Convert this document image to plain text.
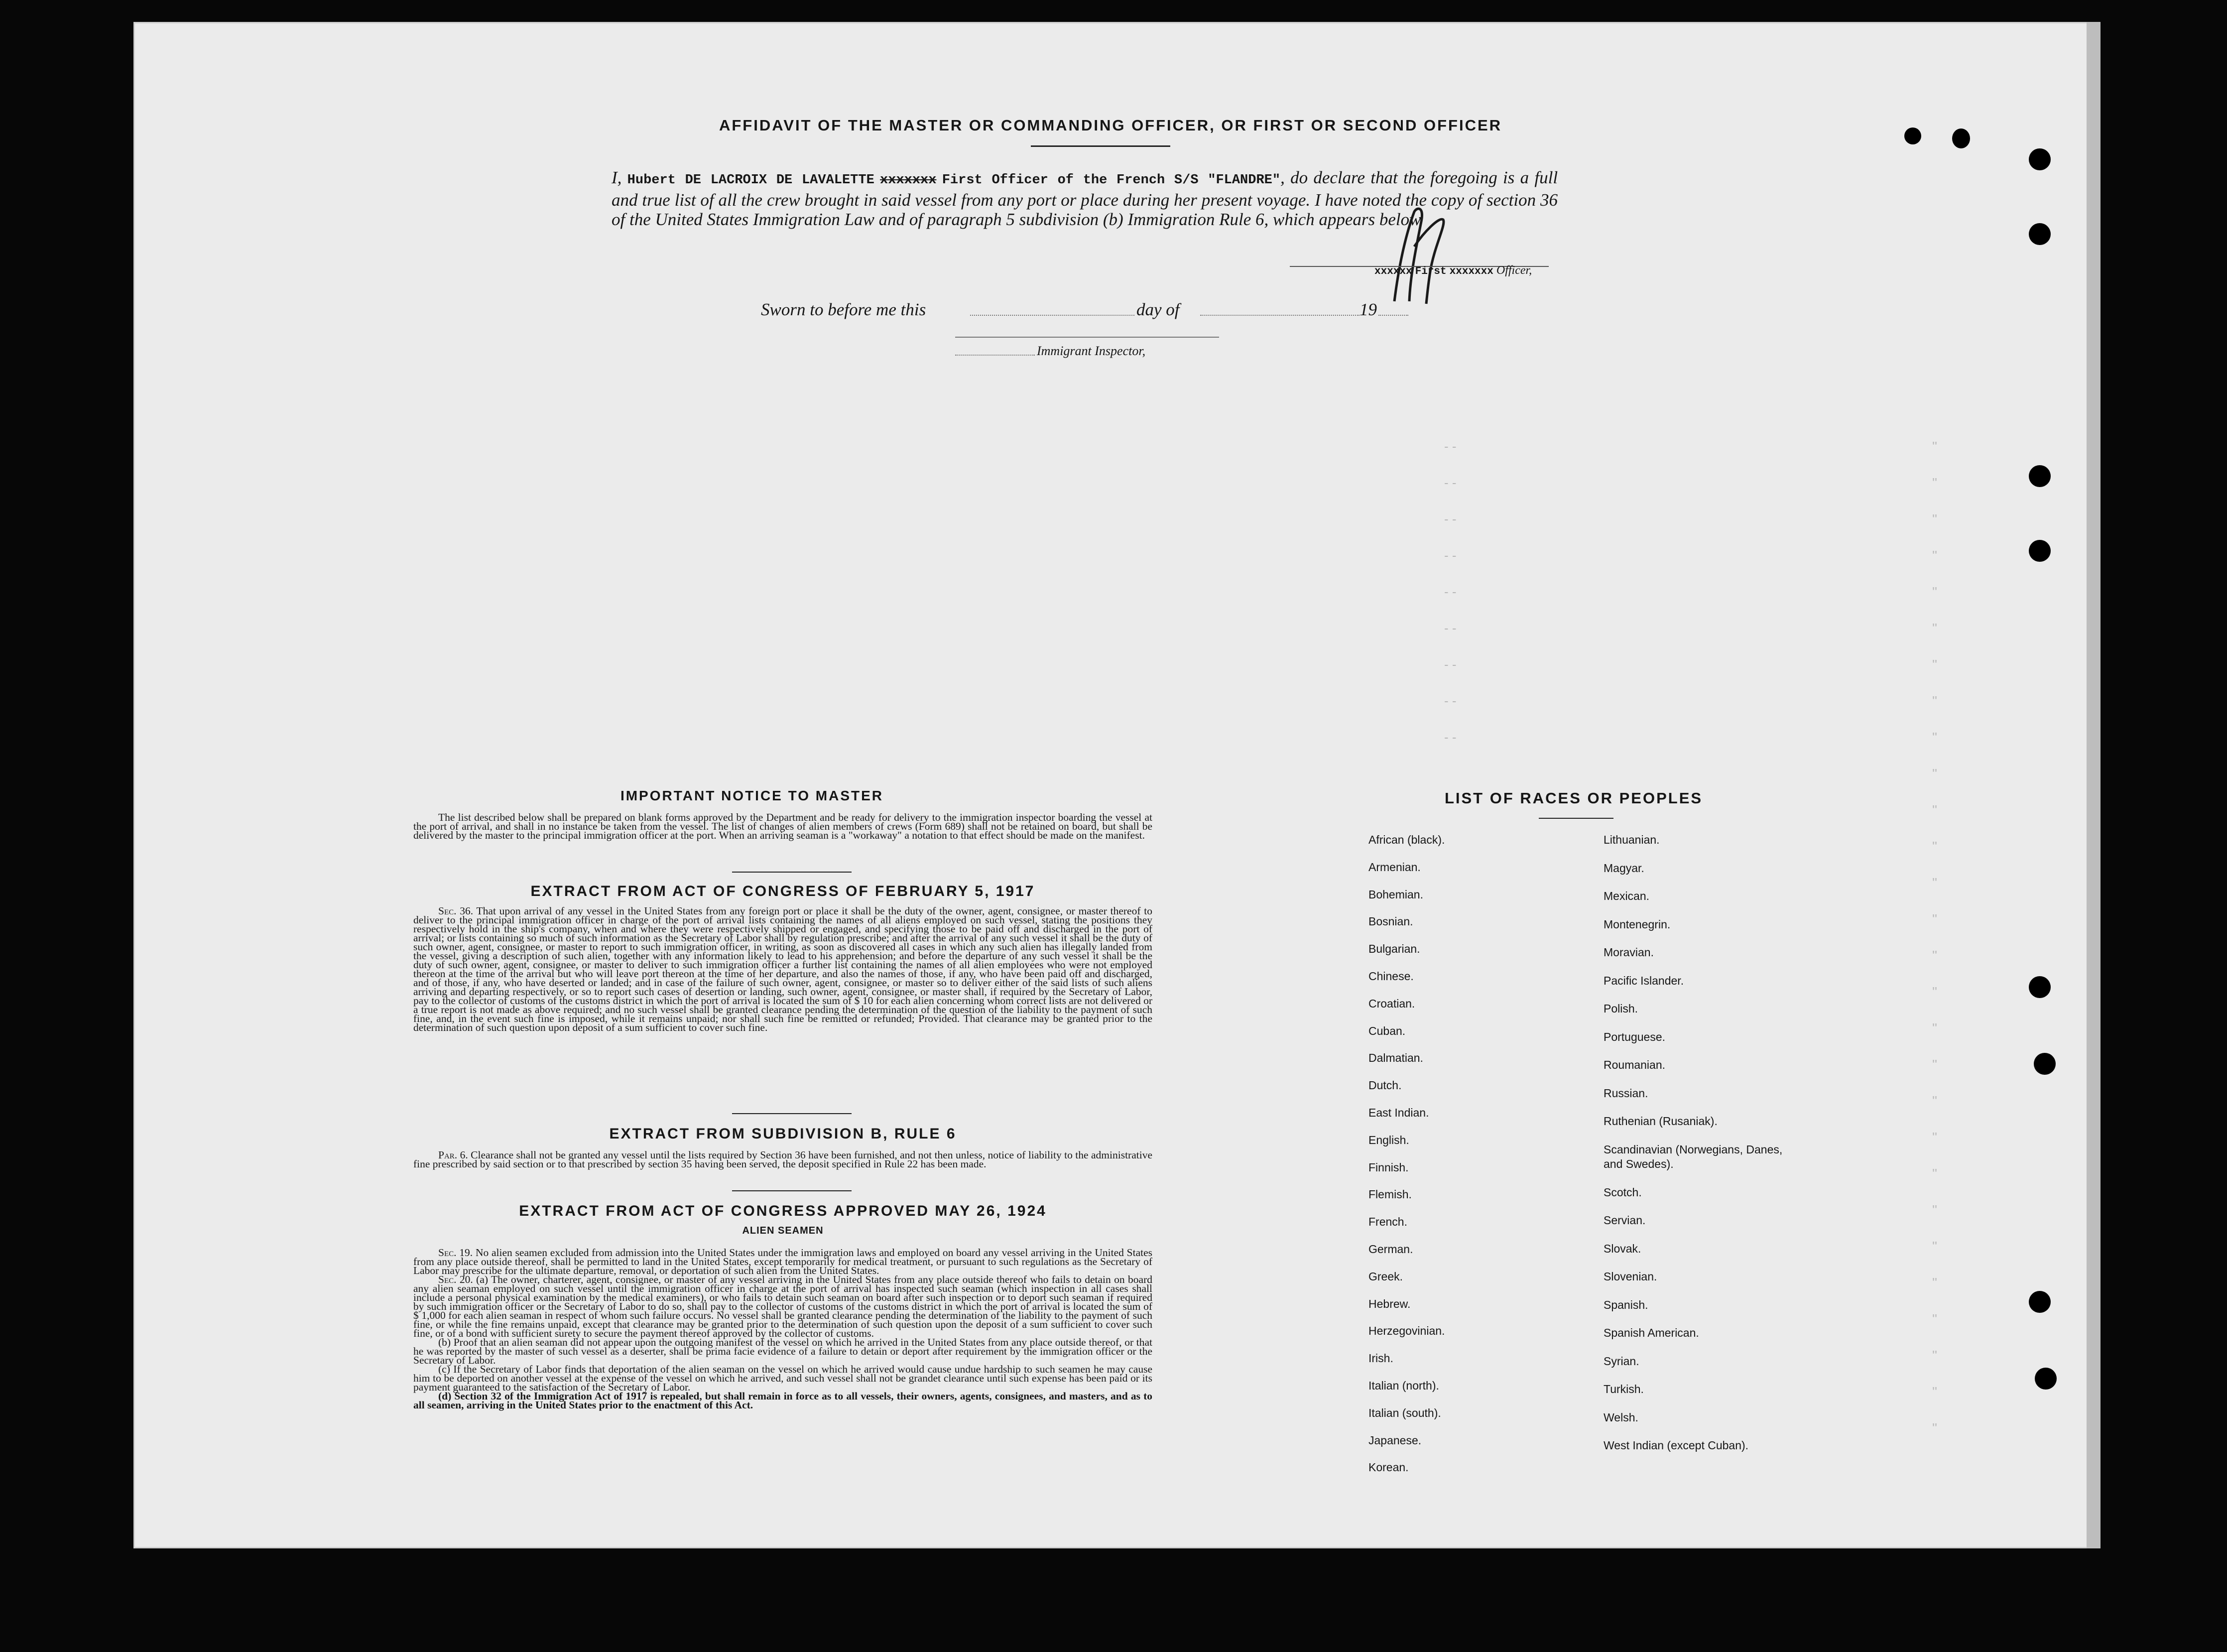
- -
- -
- -
- -
- -
- -
- -
- -
- -
''
''
''
''
''
''
''
''
''
''
''
''
''
''
''
''
''
''
''
''
''
''
''
''
''
''
''
''
AFFIDAVIT OF THE MASTER OR COMMANDING OFFICER, OR FIRST OR SECOND OFFICER
I, Hubert DE LACROIX DE LAVALETTE xxxxxxx First Officer of the French S/S "FLANDRE", do declare that the foregoing is a full and true list of all the crew brought in said vessel from any port or place during her present voyage. I have noted the copy of section 36 of the United States Immigration Law and of paragraph 5 subdivision (b) Immigration Rule 6, which appears below
xxxxxx First xxxxxxx Officer,
Sworn to before me this	day of	19
Immigrant Inspector,
IMPORTANT NOTICE TO MASTER
The list described below shall be prepared on blank forms approved by the Department and be ready for delivery to the immigration inspector boarding the vessel at the port of arrival, and shall in no instance be taken from the vessel. The list of changes of alien members of crews (Form 689) shall not be retained on board, but shall be delivered by the master to the principal immigration officer at the port. When an arriving seaman is a "workaway" a notation to that effect should be made on the manifest.
EXTRACT FROM ACT OF CONGRESS OF FEBRUARY 5, 1917
Sec. 36. That upon arrival of any vessel in the United States from any foreign port or place it shall be the duty of the owner, agent, consignee, or master thereof to deliver to the principal immigration officer in charge of the port of arrival lists containing the names of all aliens employed on such vessel, stating the positions they respectively hold in the ship's company, when and where they were respectively shipped or engaged, and specifying those to be paid off and discharged in the port of arrival; or lists containing so much of such information as the Secretary of Labor shall by regulation prescribe; and after the arrival of any such vessel it shall be the duty of such owner, agent, consignee, or master to report to such immigration officer, in writing, as soon as discovered all cases in which any such alien has illegally landed from the vessel, giving a description of such alien, together with any information likely to lead to his apprehension; and before the departure of any such vessel it shall be the duty of such owner, agent, consignee, or master to deliver to such immigration officer a further list containing the names of all alien employees who were not employed thereon at the time of the arrival but who will leave port thereon at the time of her departure, and also the names of those, if any, who have been paid off and discharged, and of those, if any, who have deserted or landed; and in case of the failure of such owner, agent, consignee, or master so to deliver either of the said lists of such aliens arriving and departing respectively, or so to report such cases of desertion or landing, such owner, agent, consignee, or master shall, if required by the Secretary of Labor, pay to the collector of customs of the customs district in which the port of arrival is located the sum of $ 10 for each alien concerning whom correct lists are not delivered or a true report is not made as above required; and no such vessel shall be granted clearance pending the determination of the question of the liability to the payment of such fine, and, in the event such fine is imposed, while it remains unpaid; nor shall such fine be remitted or refunded; Provided. That clearance may be granted prior to the determination of such question upon deposit of a sum sufficient to cover such fine.
EXTRACT FROM SUBDIVISION B, RULE 6
Par. 6. Clearance shall not be granted any vessel until the lists required by Section 36 have been furnished, and not then unless, notice of liability to the administrative fine prescribed by said section or to that prescribed by section 35 having been served, the deposit specified in Rule 22 has been made.
EXTRACT FROM ACT OF CONGRESS APPROVED MAY 26, 1924
ALIEN SEAMEN
Sec. 19. No alien seamen excluded from admission into the United States under the immigration laws and employed on board any vessel arriving in the United States from any place outside thereof, shall be permitted to land in the United States, except temporarily for medical treatment, or pursuant to such regulations as the Secretary of Labor may prescribe for the ultimate departure, removal, or deportation of such alien from the United States.
Sec. 20. (a) The owner, charterer, agent, consignee, or master of any vessel arriving in the United States from any place outside thereof who fails to detain on board any alien seaman employed on such vessel until the immigration officer in charge at the port of arrival has inspected such seaman (which inspection in all cases shall include a personal physical examination by the medical examiners), or who fails to detain such seaman on board after such inspection or to deport such seaman if required by such immigration officer or the Secretary of Labor to do so, shall pay to the collector of customs of the customs district in which the port of arrival is located the sum of $ 1,000 for each alien seaman in respect of whom such failure occurs. No vessel shall be granted clearance pending the determination of the liability to the payment of such fine, or while the fine remains unpaid, except that clearance may be granted prior to the determination of such question upon the deposit of a sum sufficient to cover such fine, or of a bond with sufficient surety to secure the payment thereof approved by the collector of customs.
(b) Proof that an alien seaman did not appear upon the outgoing manifest of the vessel on which he arrived in the United States from any place outside thereof, or that he was reported by the master of such vessel as a deserter, shall be prima facie evidence of a failure to detain or deport after requirement by the immigration officer or the Secretary of Labor.
(c) If the Secretary of Labor finds that deportation of the alien seaman on the vessel on which he arrived would cause undue hardship to such seamen he may cause him to be deported on another vessel at the expense of the vessel on which he arrived, and such vessel shall not be grandet clearance until such expense has been paid or its payment guaranteed to the satisfaction of the Secretary of Labor.
(d) Section 32 of the Immigration Act of 1917 is repealed, but shall remain in force as to all vessels, their owners, agents, consignees, and masters, and as to all seamen, arriving in the United States prior to the enactment of this Act.
LIST OF RACES OR PEOPLES
African (black).
Armenian.
Bohemian.
Bosnian.
Bulgarian.
Chinese.
Croatian.
Cuban.
Dalmatian.
Dutch.
East Indian.
English.
Finnish.
Flemish.
French.
German.
Greek.
Hebrew.
Herzegovinian.
Irish.
Italian (north).
Italian (south).
Japanese.
Korean.
Lithuanian.
Magyar.
Mexican.
Montenegrin.
Moravian.
Pacific Islander.
Polish.
Portuguese.
Roumanian.
Russian.
Ruthenian (Rusaniak).
Scandinavian (Norwegians, Danes, and Swedes).
Scotch.
Servian.
Slovak.
Slovenian.
Spanish.
Spanish American.
Syrian.
Turkish.
Welsh.
West Indian (except Cuban).
